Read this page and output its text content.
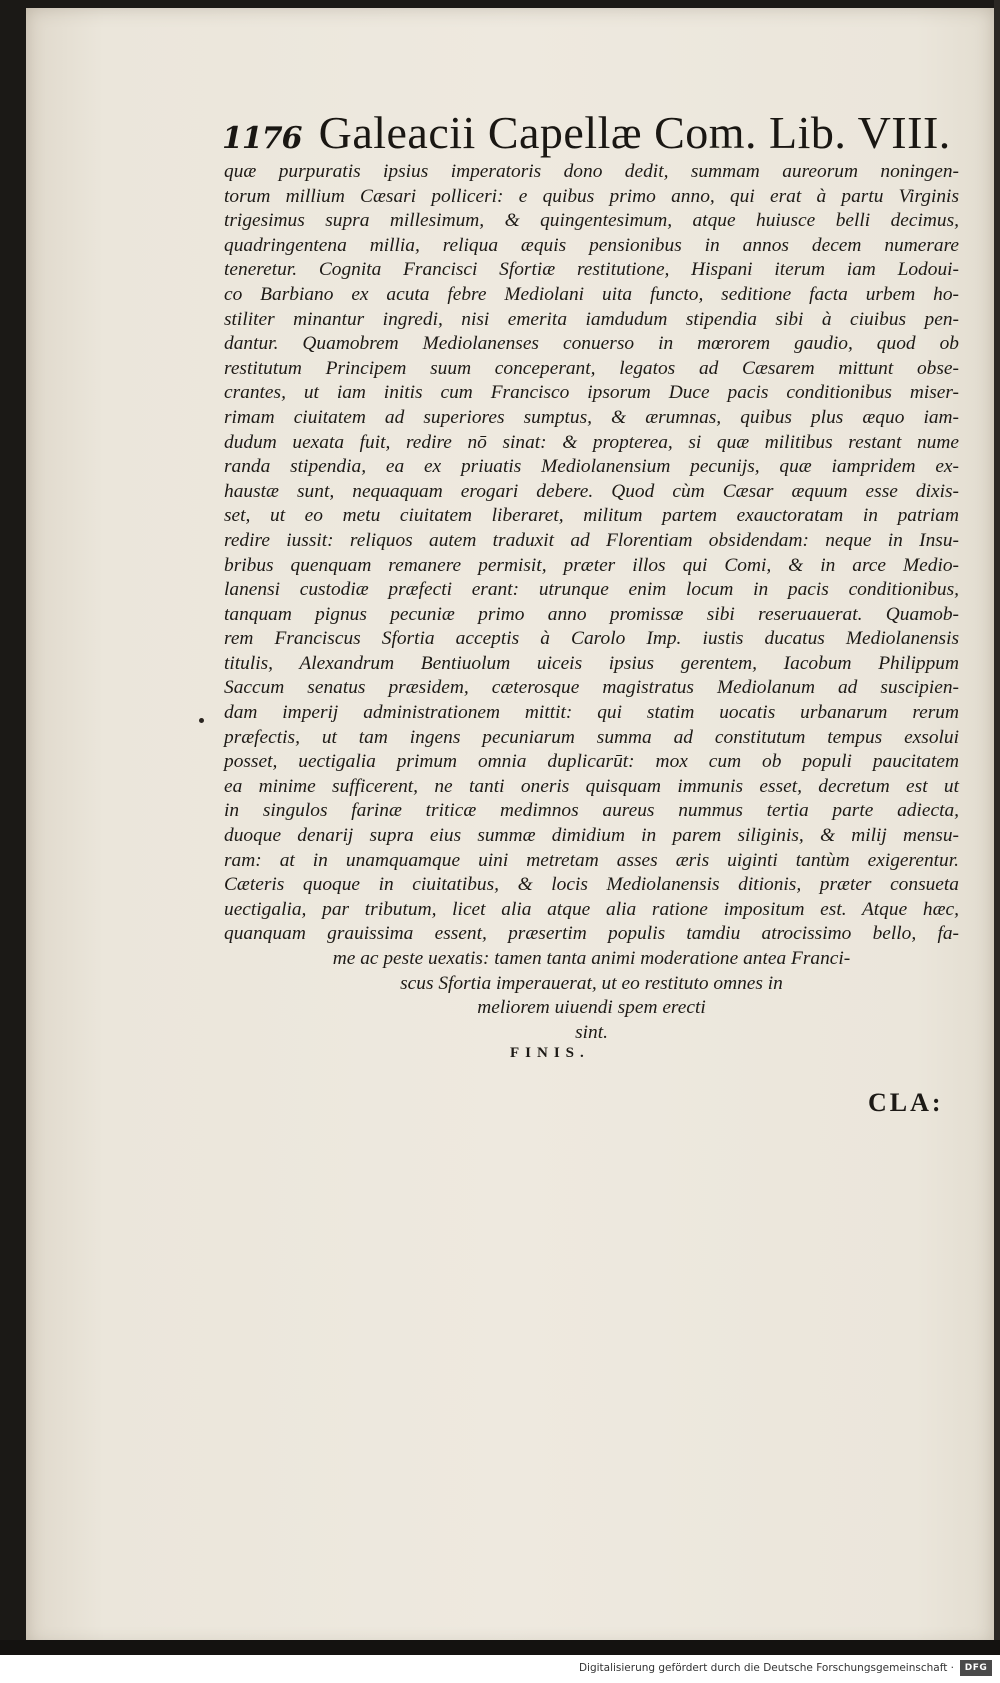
1176 Galeacii Capellæ Com. Lib. VIII.
quæ purpuratis ipsius imperatoris dono dedit, summam aureorum noningen-
torum millium Cæsari polliceri: e quibus primo anno, qui erat à partu Virginis
trigesimus supra millesimum, & quingentesimum, atque huiusce belli decimus,
quadringentena millia, reliqua æquis pensionibus in annos decem numerare
teneretur. Cognita Francisci Sfortiæ restitutione, Hispani iterum iam Lodoui-
co Barbiano ex acuta febre Mediolani uita functo, seditione facta urbem ho-
stiliter minantur ingredi, nisi emerita iamdudum stipendia sibi à ciuibus pen-
dantur. Quamobrem Mediolanenses conuerso in mœrorem gaudio, quod ob
restitutum Principem suum conceperant, legatos ad Cæsarem mittunt obse-
crantes, ut iam initis cum Francisco ipsorum Duce pacis conditionibus miser-
rimam ciuitatem ad superiores sumptus, & ærumnas, quibus plus æquo iam-
dudum uexata fuit, redire nō sinat: & propterea, si quæ militibus restant nume
randa stipendia, ea ex priuatis Mediolanensium pecunijs, quæ iampridem ex-
haustæ sunt, nequaquam erogari debere. Quod cùm Cæsar æquum esse dixis-
set, ut eo metu ciuitatem liberaret, militum partem exauctoratam in patriam
redire iussit: reliquos autem traduxit ad Florentiam obsidendam: neque in Insu-
bribus quenquam remanere permisit, præter illos qui Comi, & in arce Medio-
lanensi custodiæ præfecti erant: utrunque enim locum in pacis conditionibus,
tanquam pignus pecuniæ primo anno promissæ sibi reseruauerat. Quamob-
rem Franciscus Sfortia acceptis à Carolo Imp. iustis ducatus Mediolanensis
titulis, Alexandrum Bentiuolum uiceis ipsius gerentem, Iacobum Philippum
Saccum senatus præsidem, cæterosque magistratus Mediolanum ad suscipien-
dam imperij administrationem mittit: qui statim uocatis urbanarum rerum
præfectis, ut tam ingens pecuniarum summa ad constitutum tempus exsolui
posset, uectigalia primum omnia duplicarūt: mox cum ob populi paucitatem
ea minime sufficerent, ne tanti oneris quisquam immunis esset, decretum est ut
in singulos farinæ triticæ medimnos aureus nummus tertia parte adiecta,
duoque denarij supra eius summæ dimidium in parem siliginis, & milij mensu-
ram: at in unamquamque uini metretam asses æris uiginti tantùm exigerentur.
Cæteris quoque in ciuitatibus, & locis Mediolanensis ditionis, præter consueta
uectigalia, par tributum, licet alia atque alia ratione impositum est. Atque hæc,
quanquam grauissima essent, præsertim populis tamdiu atrocissimo bello, fa-
me ac peste uexatis: tamen tanta animi moderatione antea Franci-
scus Sfortia imperauerat, ut eo restituto omnes in
meliorem uiuendi spem erecti
sint.
FINIS.
CLA:
Digitalisierung gefördert durch die Deutsche Forschungsgemeinschaft ·	DFG
